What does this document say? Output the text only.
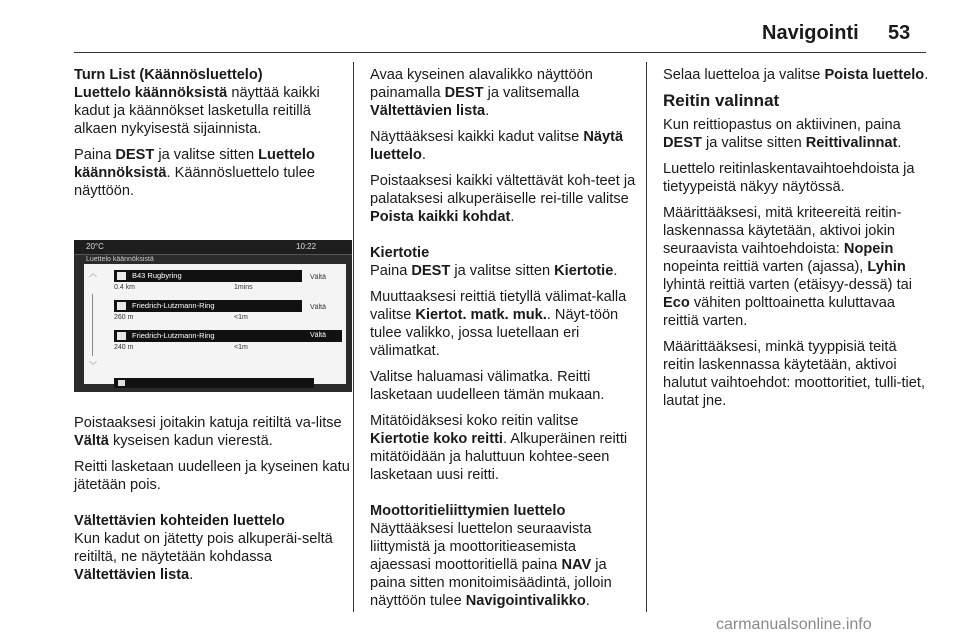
Navigointi 53
Turn List (Käännösluettelo)

Luettelo käännöksistä näyttää kaikki kadut ja käännökset lasketulla reitillä alkaen nykyisestä sijainnista.

Paina DEST ja valitse sitten Luettelo käännöksistä. Käännösluettelo tulee näyttöön.

Poistaaksesi joitakin katuja reitiltä va-litse Vältä kyseisen kadun vierestä.

Reitti lasketaan uudelleen ja kyseinen katu jätetään pois.

Vältettävien kohteiden luettelo

Kun kadut on jätetty pois alkuperäi-seltä reitiltä, ne näytetään kohdassa Vältettävien lista.

20°C	10:22
Luettelo käännöksistä
︿
﹀
B43 Rugbyring
0.4 km	1mins
Vältä
Friedrich-Lutzmann-Ring
260 m	<1m
Vältä
Friedrich-Lutzmann-Ring
240 m	<1m
Vältä

Avaa kyseinen alavalikko näyttöön painamalla DEST ja valitsemalla Vältettävien lista.

Näyttääksesi kaikki kadut valitse Näytä luettelo.

Poistaaksesi kaikki vältettävät koh-teet ja palataksesi alkuperäiselle rei-tille valitse Poista kaikki kohdat.

Kiertotie

Paina DEST ja valitse sitten Kiertotie.

Muuttaaksesi reittiä tietyllä välimat-kalla valitse Kiertot. matk. muk.. Näyt-töön tulee valikko, jossa luetellaan eri välimatkat.

Valitse haluamasi välimatka. Reitti lasketaan uudelleen tämän mukaan.

Mitätöidäksesi koko reitin valitse Kiertotie koko reitti. Alkuperäinen reitti mitätöidään ja haluttuun kohtee-seen lasketaan uusi reitti.

Moottoritieliittymien luettelo

Näyttääksesi luettelon seuraavista liittymistä ja moottoritieasemista ajaessasi moottoritiellä paina NAV ja paina sitten monitoimisäädintä, jolloin näyttöön tulee Navigointivalikko.

Selaa luetteloa ja valitse Poista luettelo.

Reitin valinnat

Kun reittiopastus on aktiivinen, paina DEST ja valitse sitten Reittivalinnat.

Luettelo reitinlaskentavaihtoehdoista ja tietyypeistä näkyy näytössä.

Määrittääksesi, mitä kriteereitä reitin-laskennassa käytetään, aktivoi jokin seuraavista vaihtoehdoista: Nopein nopeinta reittiä varten (ajassa), Lyhin lyhintä reittiä varten (etäisyy-dessä) tai Eco vähiten polttoainetta kuluttavaa reittiä varten.

Määrittääksesi, minkä tyyppisiä teitä reitin laskennassa käytetään, aktivoi halutut vaihtoehdot: moottoritiet, tulli-tiet, lautat jne.

carmanualsonline.info
